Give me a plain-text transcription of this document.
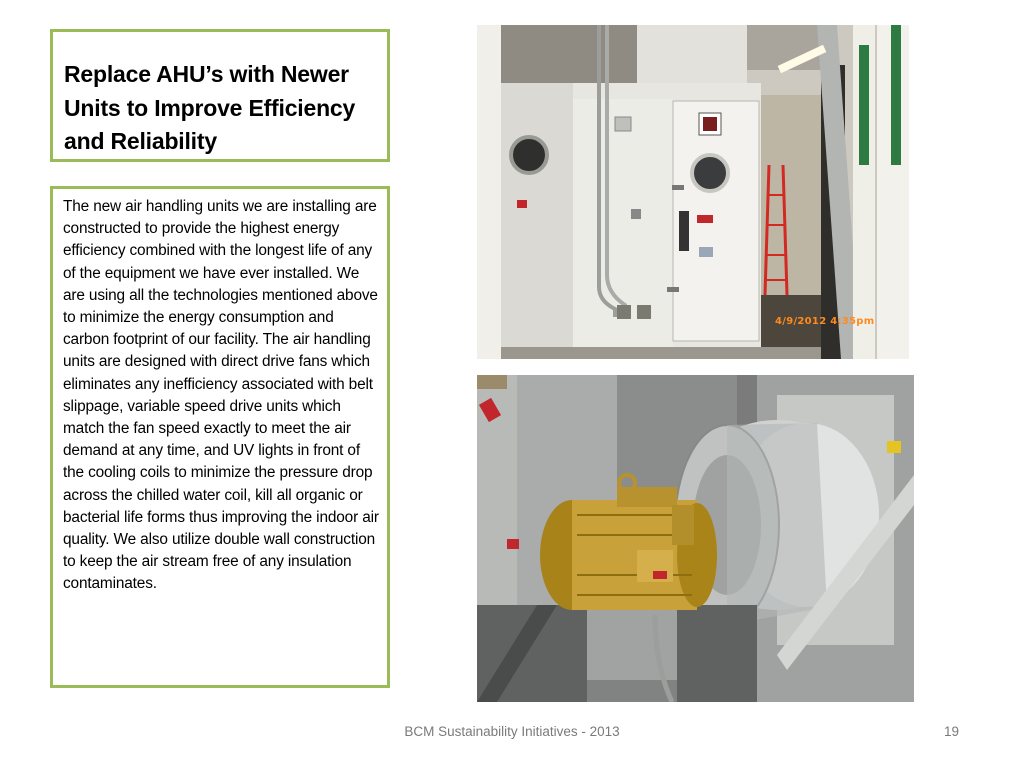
Replace AHU’s with Newer Units to Improve Efficiency and Reliability

The new air handling units we are installing are constructed to provide the highest energy efficiency combined with the longest life of any of the equipment we have ever installed. We are using all the technologies mentioned above to minimize the energy consumption and carbon footprint of our facility. The air handling units are designed with direct drive fans which eliminates any inefficiency associated with belt slippage, variable speed drive units which match the fan speed exactly to meet the air demand at any time, and UV lights in front of the cooling coils to minimize the pressure drop across the chilled water coil, kill all organic or bacterial life forms thus improving the indoor air quality. We also utilize double wall construction to keep the air stream free of any insulation contaminates.

4/9/2012 4:35pm
BCM Sustainability Initiatives - 2013	19
